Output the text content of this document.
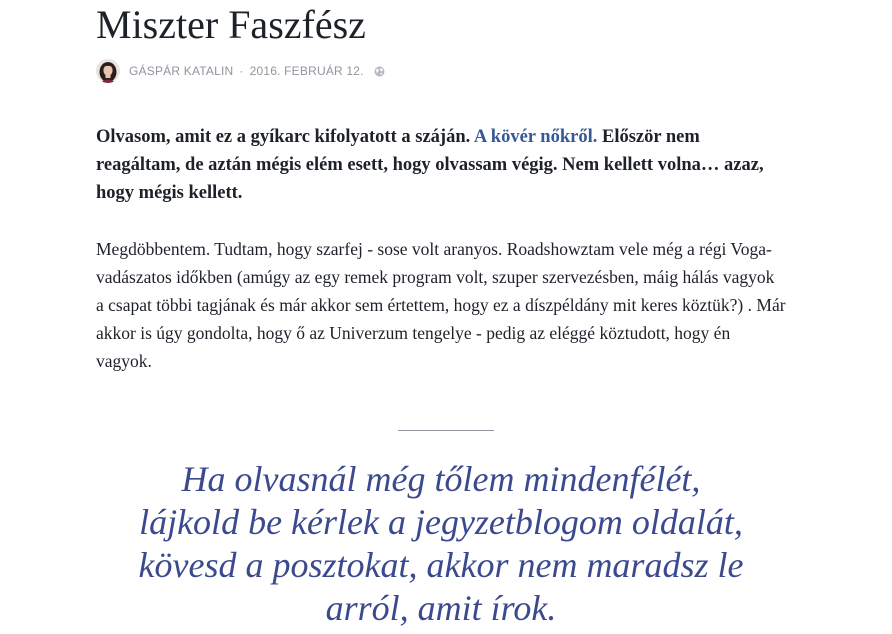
Miszter Faszfész
GÁSPÁR KATALIN · 2016. FEBRUÁR 12.

Olvasom, amit ez a gyíkarc kifolyatott a száján. A kövér nőkről. Először nem reagáltam, de aztán mégis elém esett, hogy olvassam végig. Nem kellett volna… azaz, hogy mégis kellett.

Megdöbbentem. Tudtam, hogy szarfej - sose volt aranyos. Roadshowztam vele még a régi Voga-vadászatos időkben (amúgy az egy remek program volt, szuper szervezésben, máig hálás vagyok a csapat többi tagjának és már akkor sem értettem, hogy ez a díszpéldány mit keres köztük?) . Már akkor is úgy gondolta, hogy ő az Univerzum tengelye - pedig az eléggé köztudott, hogy én vagyok.

Ha olvasnál még tőlem mindenfélét, lájkold be kérlek a jegyzetblogom oldalát, kövesd a posztokat, akkor nem maradsz le arról, amit írok.
